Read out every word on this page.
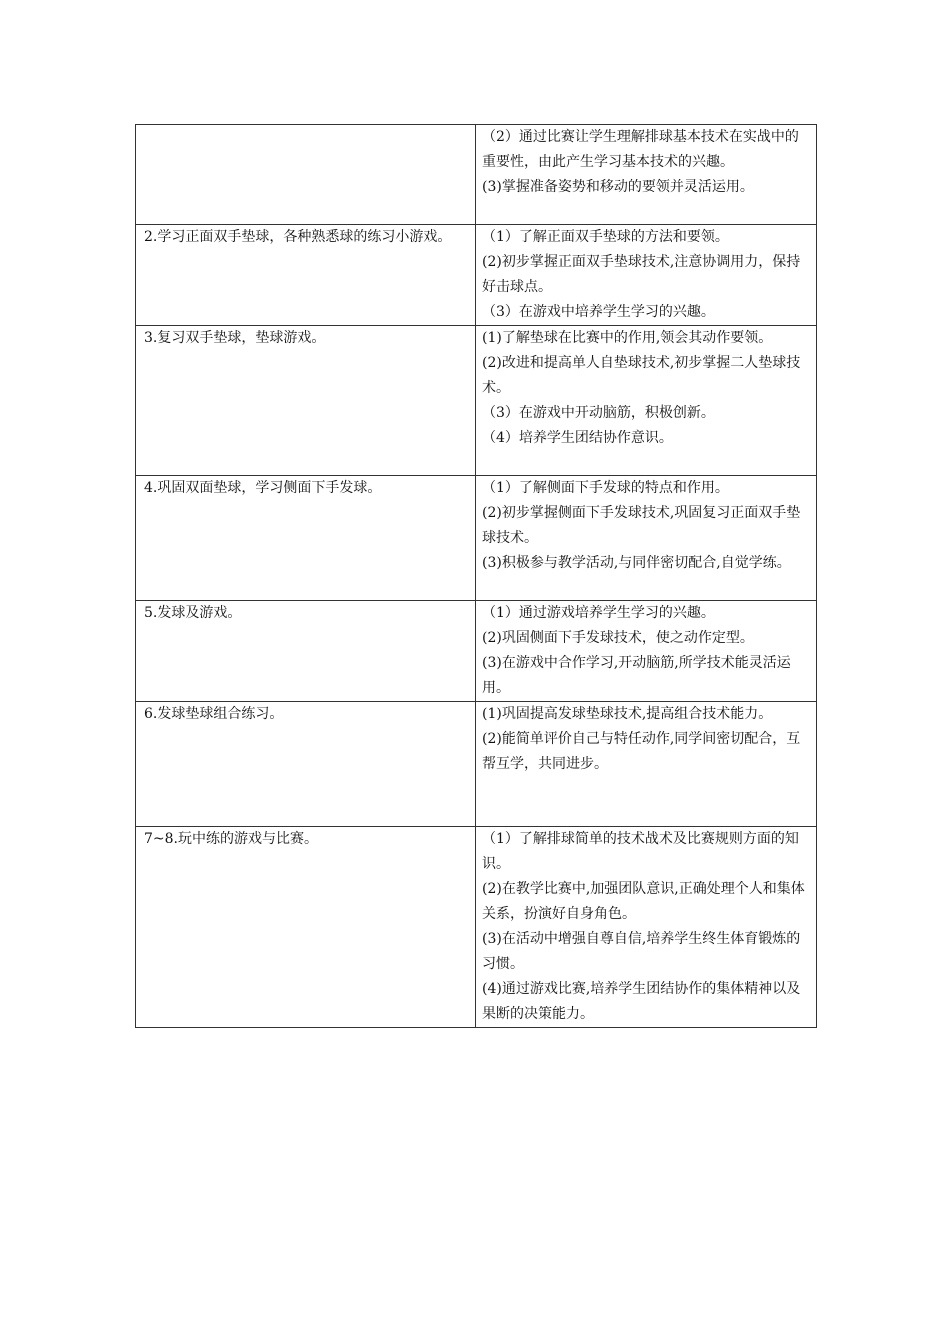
	（2）通过比赛让学生理解排球基本技术在实战中的重要性，由此产生学习基本技术的兴趣。
(3)掌握准备姿势和移动的要领并灵活运用。

2.学习正面双手垫球，各种熟悉球的练习小游戏。	（1）了解正面双手垫球的方法和要领。
(2)初步掌握正面双手垫球技术,注意协调用力，保持好击球点。
（3）在游戏中培养学生学习的兴趣。

3.复习双手垫球，垫球游戏。	(1)了解垫球在比赛中的作用,领会其动作要领。
(2)改进和提高单人自垫球技术,初步掌握二人垫球技术。
（3）在游戏中开动脑筋，积极创新。
（4）培养学生团结协作意识。

4.巩固双面垫球，学习侧面下手发球。	（1）了解侧面下手发球的特点和作用。
(2)初步掌握侧面下手发球技术,巩固复习正面双手垫球技术。
(3)积极参与教学活动,与同伴密切配合,自觉学练。

5.发球及游戏。	（1）通过游戏培养学生学习的兴趣。
(2)巩固侧面下手发球技术，使之动作定型。
(3)在游戏中合作学习,开动脑筋,所学技术能灵活运用。

6.发球垫球组合练习。	(1)巩固提高发球垫球技术,提高组合技术能力。
(2)能简单评价自己与特任动作,同学间密切配合，互帮互学，共同进步。

7~8.玩中练的游戏与比赛。	（1）了解排球简单的技术战术及比赛规则方面的知识。
(2)在教学比赛中,加强团队意识,正确处理个人和集体关系，扮演好自身角色。
(3)在活动中增强自尊自信,培养学生终生体育锻炼的习惯。
(4)通过游戏比赛,培养学生团结协作的集体精神以及果断的决策能力。
